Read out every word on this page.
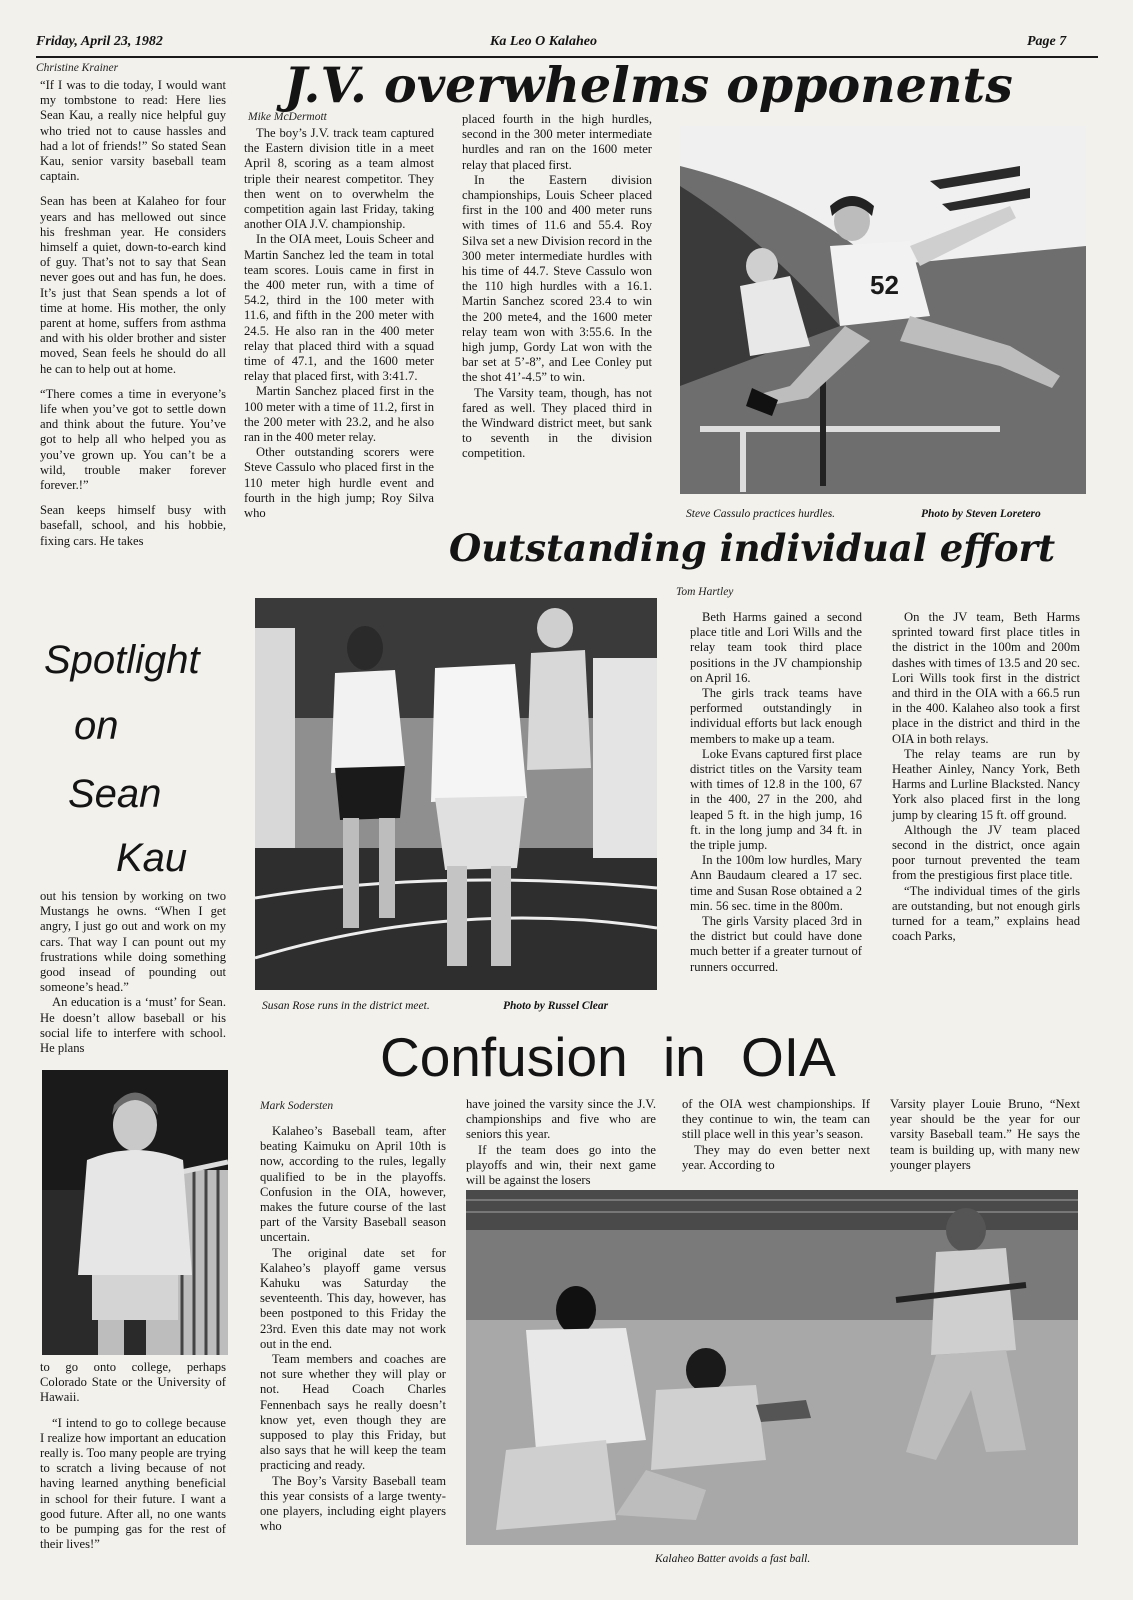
Friday, April 23, 1982	Ka Leo O Kalaheo	Page 7
Christine Krainer

“If I was to die today, I would want my tombstone to read: Here lies Sean Kau, a really nice helpful guy who tried not to cause hassles and had a lot of friends!” So stated Sean Kau, senior varsity baseball team captain.

Sean has been at Kalaheo for four years and has mellowed out since his freshman year. He considers himself a quiet, down-to-earch kind of guy. That’s not to say that Sean never goes out and has fun, he does. It’s just that Sean spends a lot of time at home. His mother, the only parent at home, suffers from asthma and with his older brother and sister moved, Sean feels he should do all he can to help out at home.

“There comes a time in everyone’s life when you’ve got to settle down and think about the future. You’ve got to help all who helped you as you’ve grown up. You can’t be a wild, trouble maker forever forever.!”

Sean keeps himself busy with basefall, school, and his hobbie, fixing cars. He takes

Spotlight
on
Sean
Kau

out his tension by working on two Mustangs he owns. “When I get angry, I just go out and work on my cars. That way I can pount out my frustrations while doing something good insead of pounding out someone’s head.”

An education is a ‘must’ for Sean. He doesn’t allow baseball or his social life to interfere with school. He plans

to go onto college, perhaps Colorado State or the University of Hawaii.

“I intend to go to college because I realize how important an education really is. Too many people are trying to scratch a living because of not having learned anything beneficial in school for their future. I want a good future. After all, no one wants to be pumping gas for the rest of their lives!”

J.V. overwhelms opponents
Mike McDermott

The boy’s J.V. track team captured the Eastern division title in a meet April 8, scoring as a team almost triple their nearest competitor. They then went on to overwhelm the competition again last Friday, taking another OIA J.V. championship.

In the OIA meet, Louis Scheer and Martin Sanchez led the team in total team scores. Louis came in first in the 400 meter run, with a time of 54.2, third in the 100 meter with 11.6, and fifth in the 200 meter with 24.5. He also ran in the 400 meter relay that placed third with a squad time of 47.1, and the 1600 meter relay that placed first, with 3:41.7.

Martin Sanchez placed first in the 100 meter with a time of 11.2, first in the 200 meter with 23.2, and he also ran in the 400 meter relay.

Other outstanding scorers were Steve Cassulo who placed first in the 110 meter high hurdle event and fourth in the high jump; Roy Silva who

placed fourth in the high hurdles, second in the 300 meter intermediate hurdles and ran on the 1600 meter relay that placed first.

In the Eastern division championships, Louis Scheer placed first in the 100 and 400 meter runs with times of 11.6 and 55.4. Roy Silva set a new Division record in the 300 meter intermediate hurdles with his time of 44.7. Steve Cassulo won the 110 high hurdles with a 16.1. Martin Sanchez scored 23.4 to win the 200 mete4, and the 1600 meter relay team won with 3:55.6. In the high jump, Gordy Lat won with the bar set at 5’-8”, and Lee Conley put the shot 41’-4.5” to win.

The Varsity team, though, has not fared as well. They placed third in the Windward district meet, but sank to seventh in the division competition.

52
Steve Cassulo practices hurdles.	Photo by Steven Loretero
Outstanding individual effort
Tom Hartley
Susan Rose runs in the district meet.	Photo by Russel Clear

Beth Harms gained a second place title and Lori Wills and the relay team took third place positions in the JV championship on April 16.

The girls track teams have performed outstandingly in individual efforts but lack enough members to make up a team.

Loke Evans captured first place district titles on the Varsity team with times of 12.8 in the 100, 67 in the 400, 27 in the 200, ahd leaped 5 ft. in the high jump, 16 ft. in the long jump and 34 ft. in the triple jump.

In the 100m low hurdles, Mary Ann Baudaum cleared a 17 sec. time and Susan Rose obtained a 2 min. 56 sec. time in the 800m.

The girls Varsity placed 3rd in the district but could have done much better if a greater turnout of runners occurred.

On the JV team, Beth Harms sprinted toward first place titles in the district in the 100m and 200m dashes with times of 13.5 and 20 sec. Lori Wills took first in the district and third in the OIA with a 66.5 run in the 400. Kalaheo also took a first place in the district and third in the OIA in both relays.

The relay teams are run by Heather Ainley, Nancy York, Beth Harms and Lurline Blacksted. Nancy York also placed first in the long jump by clearing 15 ft. off ground.

Although the JV team placed second in the district, once again poor turnout prevented the team from the prestigious first place title.

“The individual times of the girls are outstanding, but not enough girls turned for a team,” explains head coach Parks,

Confusion in OIA
Mark Sodersten

Kalaheo’s Baseball team, after beating Kaimuku on April 10th is now, according to the rules, legally qualified to be in the playoffs. Confusion in the OIA, however, makes the future course of the last part of the Varsity Baseball season uncertain.

The original date set for Kalaheo’s playoff game versus Kahuku was Saturday the seventeenth. This day, however, has been postponed to this Friday the 23rd. Even this date may not work out in the end.

Team members and coaches are not sure whether they will play or not. Head Coach Charles Fennenbach says he really doesn’t know yet, even though they are supposed to play this Friday, but also says that he will keep the team practicing and ready.

The Boy’s Varsity Baseball team this year consists of a large twenty-one players, including eight players who

have joined the varsity since the J.V. championships and five who are seniors this year.

If the team does go into the playoffs and win, their next game will be against the losers

of the OIA west championships. If they continue to win, the team can still place well in this year’s season.

They may do even better next year. According to

Varsity player Louie Bruno, “Next year should be the year for our varsity Baseball team.” He says the team is building up, with many new younger players

Kalaheo Batter avoids a fast ball.
